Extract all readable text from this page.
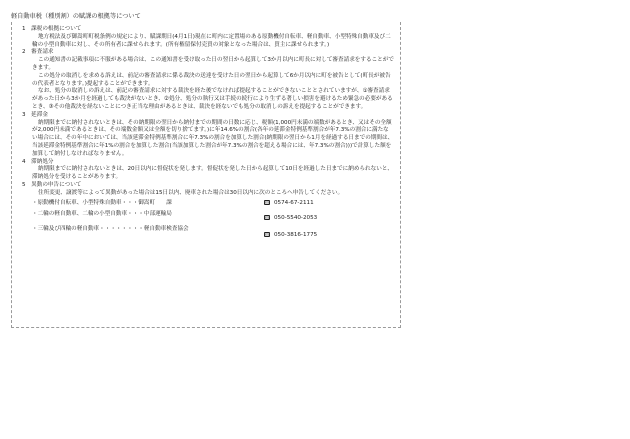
軽自動車税（種別割）の賦課の根拠等について
1　課税の根拠について
地方税法及び御嵩町町税条例の規定により、賦課期日(4月1日)現在に町内に定置場のある原動機付自転車、軽自動車、小型特殊自動車及び二輪の小型自動車に対し、その所有者に課せられます。(所有権留保付売買の対象となった場合は、買主に課せられます。)
2　審査請求
この通知書の記載事項に不服がある場合は、この通知書を受け取った日の翌日から起算して3か月以内に町長に対して審査請求をすることができます。
この処分の取消しを求める訴えは、前記の審査請求に係る裁決の送達を受けた日の翌日から起算して6か月以内に町を被告として(町長が被告の代表者となります。)提起することができます。
なお、処分の取消しの訴えは、前記の審査請求に対する裁決を経た後でなければ提起することができないこととされていますが、①審査請求があった日から3か月を経過しても裁決がないとき、②処分、処分の執行又は手続の続行により生ずる著しい損害を避けるため緊急の必要があるとき、③その他裁決を経ないことにつき正当な理由があるときは、裁決を経ないでも処分の取消しの訴えを提起することができます。
3　延滞金
納期限までに納付されないときは、その納期限の翌日から納付までの期間の日数に応じ、税額(1,000円未満の端数があるとき、又はその全額が2,000円未満であるときは、その端数金額又は全額を切り捨てます。)に年14.6%の割合(各年の延滞金特例基準割合が年7.3%の割合に満たない場合には、その年中においては、当該延滞金特例基準割合に年7.3%の割合を加算した割合(納期限の翌日から1月を経過する日までの期間は、当該延滞金特例基準割合に年1%の割合を加算した割合(当該加算した割合が年7.3%の割合を超える場合には、年7.3%の割合)))で計算した額を加算して納付しなければなりません。
4　滞納処分
納期限までに納付されないときは、20日以内に督促状を発します。督促状を発した日から起算して10日を経過した日までに納められないと、滞納処分を受けることがあります。
5　異動の申告について
住所変更、譲渡等によって異動があった場合は15日以内、廃車された場合は30日以内に次のところへ申告してください。
・原動機付自転車、小型特殊自動車・・・御嵩町　　課	☎ 0574-67-2111
・二輪の軽自動車、二輪の小型自動車・・・中部運輸局
☎ 050-5540-2053
・三輪及び四輪の軽自動車・・・・・・・・軽自動車検査協会
☎ 050-3816-1775
